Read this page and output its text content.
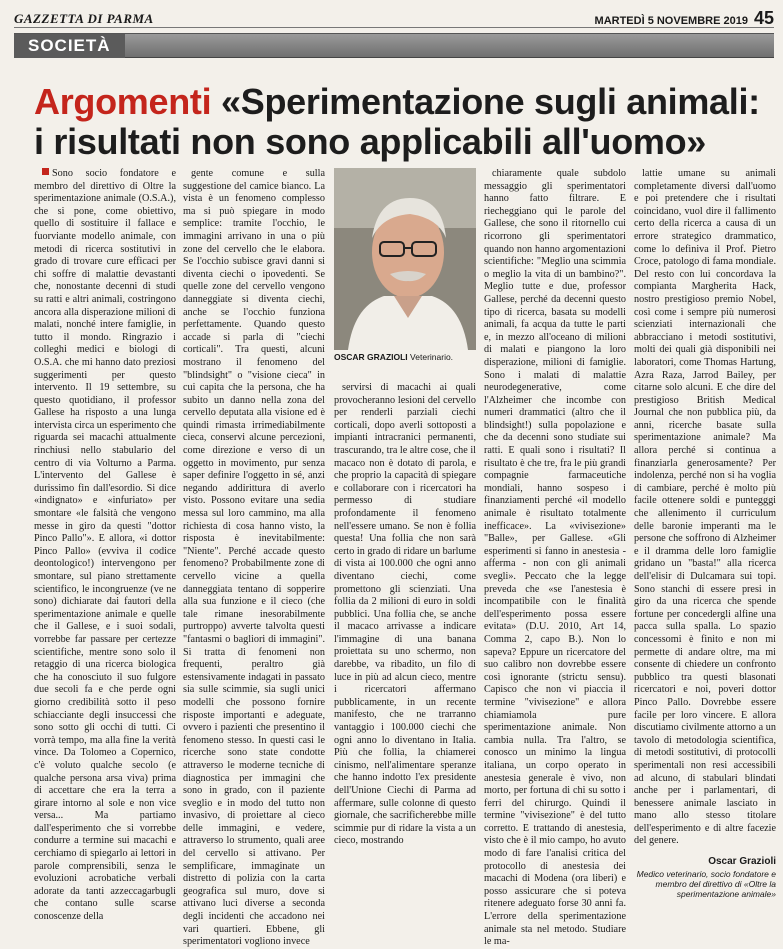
GAZZETTA DI PARMA	MARTEDÌ 5 NOVEMBRE 2019 45
SOCIETÀ
Argomenti «Sperimentazione sugli animali: i risultati non sono applicabili all'uomo»

Sono socio fondatore e membro del direttivo di Oltre la sperimentazione animale (O.S.A.), che si pone, come obiettivo, quello di sostituire il fallace e fuorviante modello animale, con metodi di ricerca sostitutivi in grado di trovare cure efficaci per chi soffre di malattie devastanti che, nonostante decenni di studi su ratti e altri animali, costringono ancora alla disperazione milioni di malati, nonché intere famiglie, in tutto il mondo. Ringrazio i colleghi medici e biologi di O.S.A. che mi hanno dato preziosi suggerimenti per questo intervento. Il 19 settembre, su questo quotidiano, il professor Gallese ha risposto a una lunga intervista circa un esperimento che riguarda sei macachi attualmente rinchiusi nello stabulario del centro di via Volturno a Parma. L'intervento del Gallese è durissimo fin dall'esordio. Si dice «indignato» e «infuriato» per smontare «le falsità che vengono messe in giro da questi "dottor Pinco Pallo"». E allora, «i dottor Pinco Pallo» (evviva il codice deontologico!) intervengono per smontare, sul piano strettamente scientifico, le incongruenze (ve ne sono) dichiarate dai fautori della sperimentazione animale e quelle che il Gallese, e i suoi sodali, vorrebbe far passare per certezze scientifiche, mentre sono solo il retaggio di una ricerca biologica che ha conosciuto il suo fulgore due secoli fa e che perde ogni giorno credibilità sotto il peso schiacciante degli insuccessi che sono sotto gli occhi di tutti. Ci vorrà tempo, ma alla fine la verità vince. Da Tolomeo a Copernico, c'è voluto qualche secolo (e qualche persona arsa viva) prima di accettare che era la terra a girare intorno al sole e non vice versa... Ma partiamo dall'esperimento che si vorrebbe condurre a termine sui macachi e cerchiamo di spiegarlo ai lettori in parole comprensibili, senza le evoluzioni acrobatiche verbali adorate da tanti azzeccagarbugli che contano sulle scarse conoscenze della

gente comune e sulla suggestione del camice bianco. La vista è un fenomeno complesso ma si può spiegare in modo semplice: tramite l'occhio, le immagini arrivano in una o più zone del cervello che le elabora. Se l'occhio subisce gravi danni si diventa ciechi o ipovedenti. Se quelle zone del cervello vengono danneggiate si diventa ciechi, anche se l'occhio funziona perfettamente. Quando questo accade si parla di "ciechi corticali". Tra questi, alcuni mostrano il fenomeno del "blindsight" o "visione cieca" in cui capita che la persona, che ha subito un danno nella zona del cervello deputata alla visione ed è quindi rimasta irrimediabilmente cieca, conservi alcune percezioni, come direzione e verso di un oggetto in movimento, pur senza saper definire l'oggetto in sé, anzi negando addirittura di averlo visto. Possono evitare una sedia messa sul loro cammino, ma alla richiesta di cosa hanno visto, la risposta è inevitabilmente: "Niente". Perché accade questo fenomeno? Probabilmente zone di cervello vicine a quella danneggiata tentano di sopperire alla sua funzione e il cieco (che tale rimane inesorabilmente purtroppo) avverte talvolta questi "fantasmi o bagliori di immagini". Si tratta di fenomeni non frequenti, peraltro già estensivamente indagati in passato sia sulle scimmie, sia sugli unici modelli che possono fornire risposte importanti e adeguate, ovvero i pazienti che presentino il fenomeno stesso. In questi casi le ricerche sono state condotte attraverso le moderne tecniche di diagnostica per immagini che sono in grado, con il paziente sveglio e in modo del tutto non invasivo, di proiettare al cieco delle immagini, e vedere, attraverso lo strumento, quali aree del cervello si attivano. Per semplificare, immaginate un distretto di polizia con la carta geografica sul muro, dove si attivano luci diverse a seconda degli incidenti che accadono nei vari quartieri. Ebbene, gli sperimentatori vogliono invece

OSCAR GRAZIOLI Veterinario.

servirsi di macachi ai quali provocheranno lesioni del cervello per renderli parziali ciechi corticali, dopo averli sottoposti a impianti intracranici permanenti, trascurando, tra le altre cose, che il macaco non è dotato di parola, e che proprio la capacità di spiegare e collaborare con i ricercatori ha permesso di studiare profondamente il fenomeno nell'essere umano. Se non è follia questa! Una follia che non sarà certo in grado di ridare un barlume di vista ai 100.000 che ogni anno diventano ciechi, come promettono gli scienziati. Una follia da 2 milioni di euro in soldi pubblici. Una follia che, se anche il macaco arrivasse a indicare l'immagine di una banana proiettata su uno schermo, non darebbe, va ribadito, un filo di luce in più ad alcun cieco, mentre i ricercatori affermano pubblicamente, in un recente manifesto, che ne trarranno vantaggio i 100.000 ciechi che ogni anno lo diventano in Italia. Più che follia, la chiamerei cinismo, nell'alimentare speranze che hanno indotto l'ex presidente dell'Unione Ciechi di Parma ad affermare, sulle colonne di questo giornale, che sacrificherebbe mille scimmie pur di ridare la vista a un cieco, mostrando

chiaramente quale subdolo messaggio gli sperimentatori hanno fatto filtrare. E riecheggiano qui le parole del Gallese, che sono il ritornello cui ricorrono gli sperimentatori quando non hanno argomentazioni scientifiche: "Meglio una scimmia o meglio la vita di un bambino?". Meglio tutte e due, professor Gallese, perché da decenni questo tipo di ricerca, basata su modelli animali, fa acqua da tutte le parti e, in mezzo all'oceano di milioni di malati e piangono la loro disperazione, milioni di famiglie. Sono i malati di malattie neurodegenerative, come l'Alzheimer che incombe con numeri drammatici (altro che il blindsight!) sulla popolazione e che da decenni sono studiate sui ratti. E quali sono i risultati? Il risultato è che tre, fra le più grandi compagnie farmaceutiche mondiali, hanno sospeso i finanziamenti perché «il modello animale è risultato totalmente inefficace». La «vivisezione» "Balle», per Gallese. «Gli esperimenti si fanno in anestesia - afferma - non con gli animali svegli». Peccato che la legge preveda che «se l'anestesia è incompatibile con le finalità dell'esperimento possa essere evitata» (D.U. 2010, Art 14, Comma 2, capo B.). Non lo sapeva? Eppure un ricercatore del suo calibro non dovrebbe essere così ignorante (strictu sensu). Capisco che non vi piaccia il termine "vivisezione" e allora chiamiamola pure sperimentazione animale. Non cambia nulla. Tra l'altro, se conosco un minimo la lingua italiana, un corpo operato in anestesia generale è vivo, non morto, per fortuna di chi su sotto i ferri del chirurgo. Quindi il termine "vivisezione" è del tutto corretto. E trattando di anestesia, visto che è il mio campo, ho avuto modo di fare l'analisi critica del protocollo di anestesia dei macachi di Modena (ora liberi) e posso assicurare che si poteva ritenere adeguato forse 30 anni fa. L'errore della sperimentazione animale sta nel metodo. Studiare le ma-

lattie umane su animali completamente diversi dall'uomo e poi pretendere che i risultati coincidano, vuol dire il fallimento certo della ricerca a causa di un errore strategico drammatico, come lo definiva il Prof. Pietro Croce, patologo di fama mondiale. Del resto con lui concordava la compianta Margherita Hack, nostro prestigioso premio Nobel, così come i sempre più numerosi scienziati internazionali che abbracciano i metodi sostitutivi, molti dei quali già disponibili nei laboratori, come Thomas Hartung, Azra Raza, Jarrod Bailey, per citarne solo alcuni. E che dire del prestigioso British Medical Journal che non pubblica più, da anni, ricerche basate sulla sperimentazione animale? Ma allora perché si continua a finanziarla generosamente? Per indolenza, perché non si ha voglia di cambiare, perché è molto più facile ottenere soldi e puntegggi che allenimento il curriculum delle baronie imperanti ma le persone che soffrono di Alzheimer e il dramma delle loro famiglie gridano un "basta!" alla ricerca dell'elisir di Dulcamara sui topi. Sono stanchi di essere presi in giro da una ricerca che spende fortune per concedergli alfine una pacca sulla spalla. Lo spazio concessomi è finito e non mi permette di andare oltre, ma mi consente di chiedere un confronto pubblico tra questi blasonati ricercatori e noi, poveri dottor Pinco Pallo. Dovrebbe essere facile per loro vincere. E allora discutiamo civilmente attorno a un tavolo di metodologia scientifica, di metodi sostitutivi, di protocolli sperimentali non resi accessibili ad alcuno, di stabulari blindati anche per i parlamentari, di benessere animale lasciato in mano allo stesso titolare dell'esperimento e di altre facezie del genere.

Oscar Grazioli
Medico veterinario, socio fondatore e membro del direttivo di «Oltre la sperimentazione animale»
